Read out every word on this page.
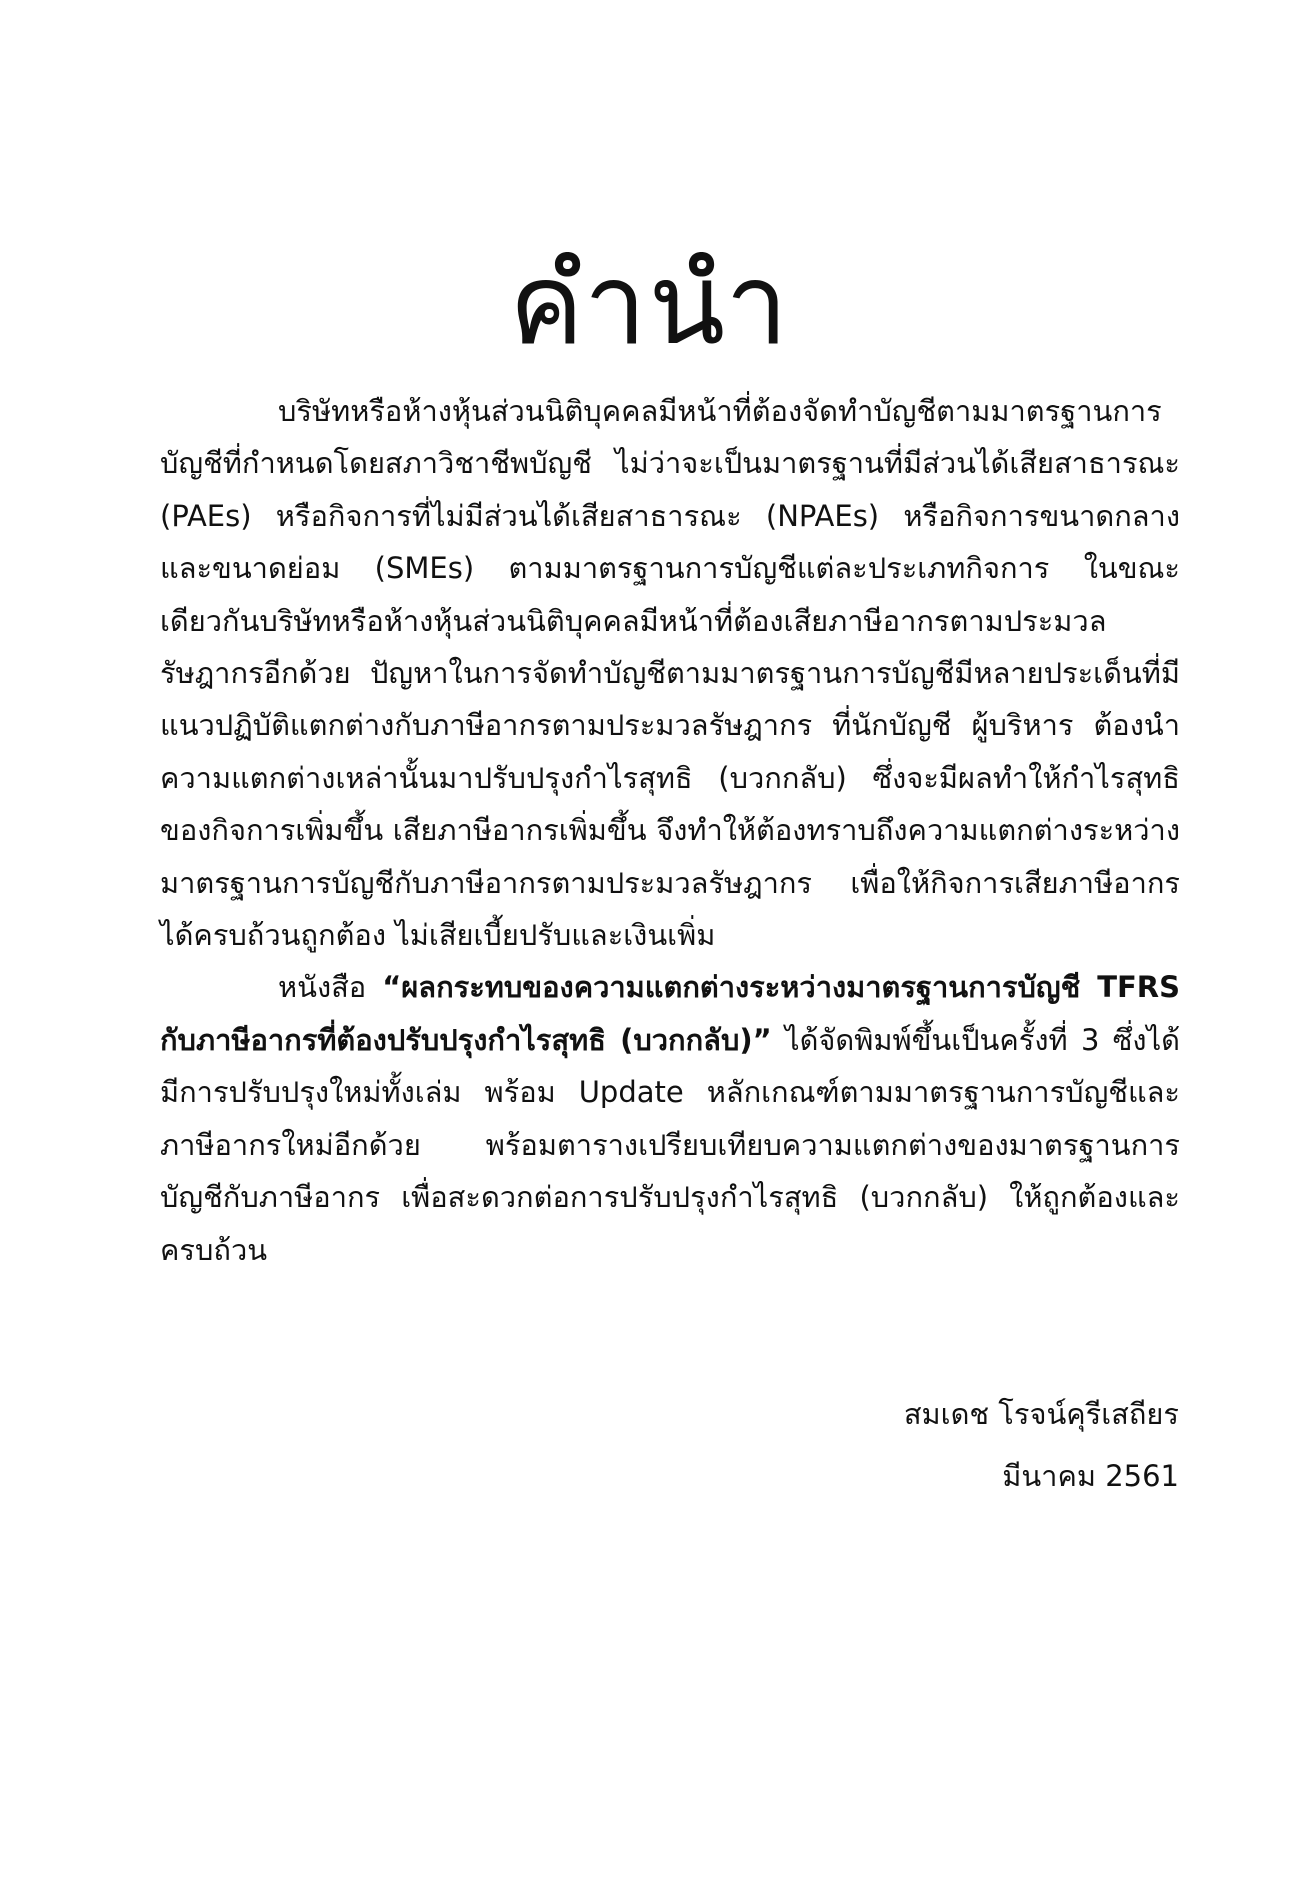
คำนำ

บริษัทหรือห้างหุ้นส่วนนิติบุคคลมีหน้าที่ต้องจัดทำบัญชีตามมาตรฐานการบัญชีที่กำหนดโดยสภาวิชาชีพบัญชี ไม่ว่าจะเป็นมาตรฐานที่มีส่วนได้เสียสาธารณะ (PAEs) หรือกิจการที่ไม่มีส่วนได้เสียสาธารณะ (NPAEs) หรือกิจการขนาดกลางและขนาดย่อม (SMEs) ตามมาตรฐานการบัญชีแต่ละประเภทกิจการ ในขณะเดียวกันบริษัทหรือห้างหุ้นส่วนนิติบุคคลมีหน้าที่ต้องเสียภาษีอากรตามประมวลรัษฎากรอีกด้วย ปัญหาในการจัดทำบัญชีตามมาตรฐานการบัญชีมีหลายประเด็นที่มีแนวปฏิบัติแตกต่างกับภาษีอากรตามประมวลรัษฎากร ที่นักบัญชี ผู้บริหาร ต้องนำความแตกต่างเหล่านั้นมาปรับปรุงกำไรสุทธิ (บวกกลับ) ซึ่งจะมีผลทำให้กำไรสุทธิของกิจการเพิ่มขึ้น เสียภาษีอากรเพิ่มขึ้น จึงทำให้ต้องทราบถึงความแตกต่างระหว่างมาตรฐานการบัญชีกับภาษีอากรตามประมวลรัษฎากร เพื่อให้กิจการเสียภาษีอากรได้ครบถ้วนถูกต้อง ไม่เสียเบี้ยปรับและเงินเพิ่ม

หนังสือ “ผลกระทบของความแตกต่างระหว่างมาตรฐานการบัญชี TFRS กับภาษีอากรที่ต้องปรับปรุงกำไรสุทธิ (บวกกลับ)” ได้จัดพิมพ์ขึ้นเป็นครั้งที่ 3 ซึ่งได้มีการปรับปรุงใหม่ทั้งเล่ม พร้อม Update หลักเกณฑ์ตามมาตรฐานการบัญชีและภาษีอากรใหม่อีกด้วย พร้อมตารางเปรียบเทียบความแตกต่างของมาตรฐานการบัญชีกับภาษีอากร เพื่อสะดวกต่อการปรับปรุงกำไรสุทธิ (บวกกลับ) ให้ถูกต้องและครบถ้วน

สมเดช โรจน์คุรีเสถียร
มีนาคม 2561
